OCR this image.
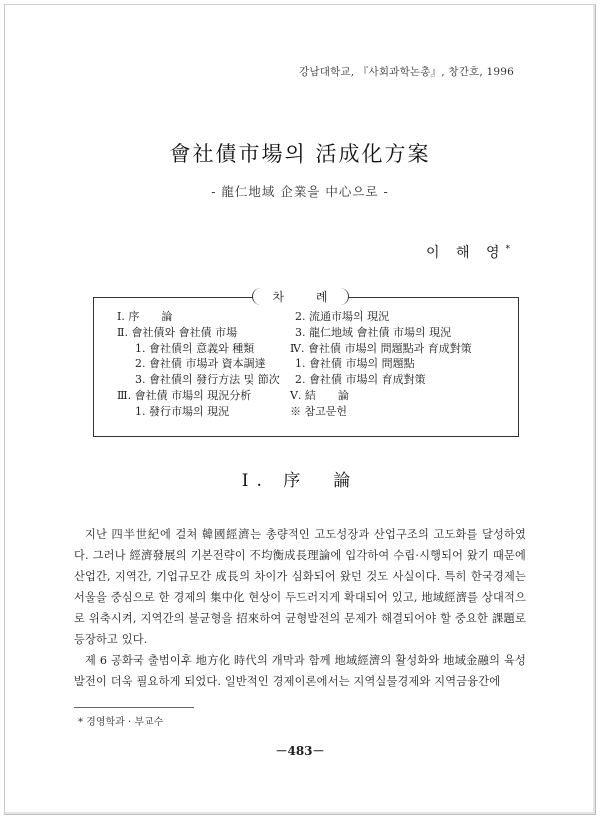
강남대학교, 『사회과학논총』, 창간호, 1996
會社債市場의 活成化方案
- 龍仁地域 企業을 中心으로 -
이 해 영*
차 례
Ⅰ. 序　　論
Ⅱ. 會社債와 會社債 市場
1. 會社債의 意義와 種類
2. 會社債 市場과 資本調達
3. 會社債의 發行方法 및 節次
Ⅲ. 會社債 市場의 現況分析
1. 發行市場의 現況
2. 流通市場의 現況
3. 龍仁地域 會社債 市場의 現況
Ⅳ. 會社債 市場의 問題點과 育成對策
1. 會社債 市場의 問題點
2. 會社債 市場의 育成對策
Ⅴ. 結　　論
※ 참고문헌
Ⅰ. 序　論

지난 四半世紀에 걸쳐 韓國經濟는 총량적인 고도성장과 산업구조의 고도화를 달성하였다. 그러나 經濟發展의 기본전략이 不均衡成長理論에 입각하여 수립·시행되어 왔기 때문에 산업간, 지역간, 기업규모간 成長의 차이가 심화되어 왔던 것도 사실이다. 특히 한국경제는 서울을 중심으로 한 경제의 集中化 현상이 두드러지게 확대되어 있고, 地域經濟를 상대적으로 위축시켜, 지역간의 불균형을 招來하여 균형발전의 문제가 해결되어야 할 중요한 課題로 등장하고 있다.

제 6 공화국 출범이후 地方化 時代의 개막과 함께 地域經濟의 활성화와 地域金融의 육성발전이 더욱 필요하게 되었다. 일반적인 경제이론에서는 지역실물경제와 지역금융간에

* 경영학과 · 부교수
－483－
